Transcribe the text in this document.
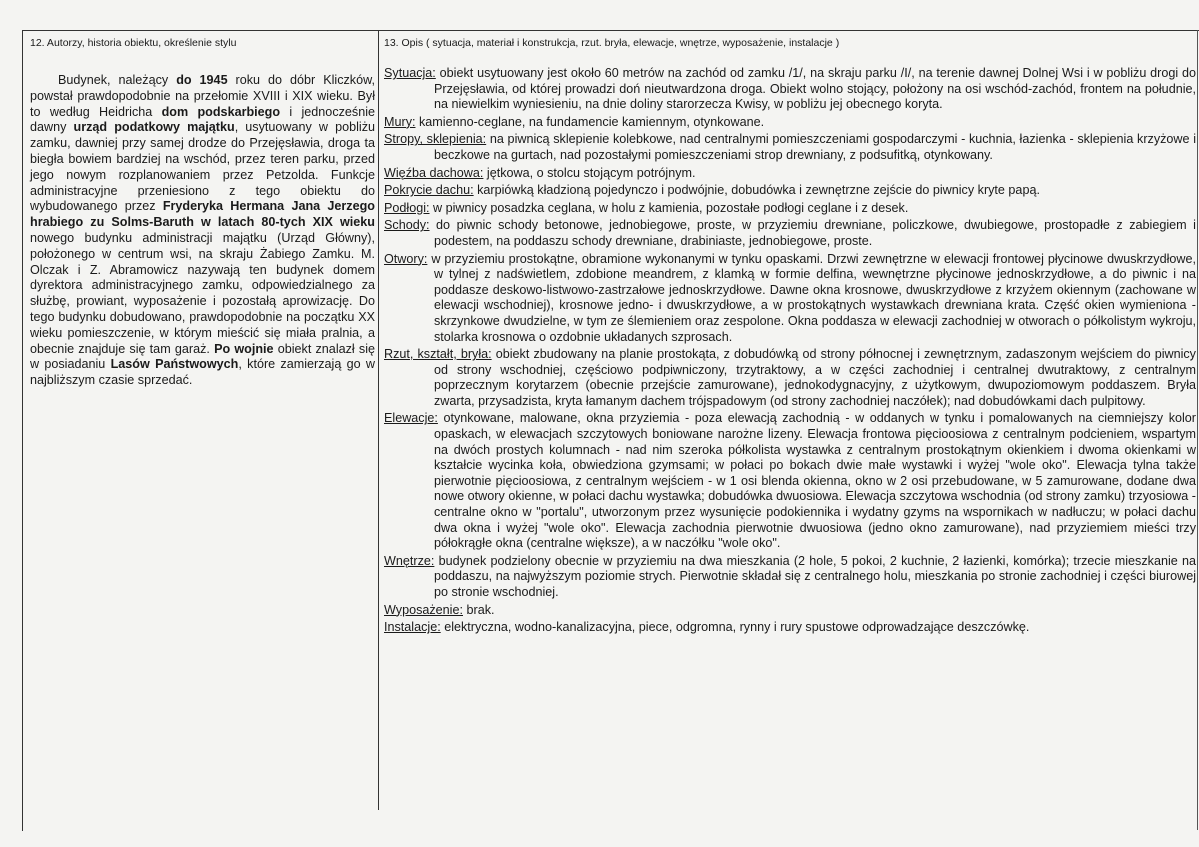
12. Autorzy, historia obiektu, określenie stylu	13. Opis ( sytuacja, materiał i konstrukcja, rzut. bryła, elewacje, wnętrze, wyposażenie, instalacje )

Budynek, należący do 1945 roku do dóbr Kliczków, powstał prawdopodobnie na przełomie XVIII i XIX wieku. Był to według Heidricha dom podskarbiego i jednocześnie dawny urząd podatkowy majątku, usytuowany w pobliżu zamku, dawniej przy samej drodze do Przejęsławia, droga ta biegła bowiem bardziej na wschód, przez teren parku, przed jego nowym rozplanowaniem przez Petzolda. Funkcje administracyjne przeniesiono z tego obiektu do wybudowanego przez Fryderyka Hermana Jana Jerzego hrabiego zu Solms-Baruth w latach 80-tych XIX wieku nowego budynku administracji majątku (Urząd Główny), położonego w centrum wsi, na skraju Żabiego Zamku. M. Olczak i Z. Abramowicz nazywają ten budynek domem dyrektora administracyjnego zamku, odpowiedzialnego za służbę, prowiant, wyposażenie i pozostałą aprowizację. Do tego budynku dobudowano, prawdopodobnie na początku XX wieku pomieszczenie, w którym mieścić się miała pralnia, a obecnie znajduje się tam garaż. Po wojnie obiekt znalazł się w posiadaniu Lasów Państwowych, które zamierzają go w najbliższym czasie sprzedać.

Sytuacja: obiekt usytuowany jest około 60 metrów na zachód od zamku /1/, na skraju parku /I/, na terenie dawnej Dolnej Wsi i w pobliżu drogi do Przejęsławia, od której prowadzi doń nieutwardzona droga. Obiekt wolno stojący, położony na osi wschód-zachód, frontem na południe, na niewielkim wyniesieniu, na dnie doliny starorzecza Kwisy, w pobliżu jej obecnego koryta.

Mury: kamienno-ceglane, na fundamencie kamiennym, otynkowane.

Stropy, sklepienia: na piwnicą sklepienie kolebkowe, nad centralnymi pomieszczeniami gospodarczymi - kuchnia, łazienka - sklepienia krzyżowe i beczkowe na gurtach, nad pozostałymi pomieszczeniami strop drewniany, z podsufitką, otynkowany.

Więźba dachowa: jętkowa, o stolcu stojącym potrójnym.

Pokrycie dachu: karpiówką kładzioną pojedynczo i podwójnie, dobudówka i zewnętrzne zejście do piwnicy kryte papą.

Podłogi: w piwnicy posadzka ceglana, w holu z kamienia, pozostałe podłogi ceglane i z desek.

Schody: do piwnic schody betonowe, jednobiegowe, proste, w przyziemiu drewniane, policzkowe, dwubiegowe, prostopadłe z zabiegiem i podestem, na poddaszu schody drewniane, drabiniaste, jednobiegowe, proste.

Otwory: w przyziemiu prostokątne, obramione wykonanymi w tynku opaskami. Drzwi zewnętrzne w elewacji frontowej płycinowe dwuskrzydłowe, w tylnej z nadświetlem, zdobione meandrem, z klamką w formie delfina, wewnętrzne płycinowe jednoskrzydłowe, a do piwnic i na poddasze deskowo-listwowo-zastrzałowe jednoskrzydłowe. Dawne okna krosnowe, dwuskrzydłowe z krzyżem okiennym (zachowane w elewacji wschodniej), krosnowe jedno- i dwuskrzydłowe, a w prostokątnych wystawkach drewniana krata. Część okien wymieniona - skrzynkowe dwudzielne, w tym ze ślemieniem oraz zespolone. Okna poddasza w elewacji zachodniej w otworach o półkolistym wykroju, stolarka krosnowa o ozdobnie układanych szprosach.

Rzut, kształt, bryła: obiekt zbudowany na planie prostokąta, z dobudówką od strony północnej i zewnętrznym, zadaszonym wejściem do piwnicy od strony wschodniej, częściowo podpiwniczony, trzytraktowy, a w części zachodniej i centralnej dwutraktowy, z centralnym poprzecznym korytarzem (obecnie przejście zamurowane), jednokodygnacyjny, z użytkowym, dwupoziomowym poddaszem. Bryła zwarta, przysadzista, kryta łamanym dachem trójspadowym (od strony zachodniej naczółek); nad dobudówkami dach pulpitowy.

Elewacje: otynkowane, malowane, okna przyziemia - poza elewacją zachodnią - w oddanych w tynku i pomalowanych na ciemniejszy kolor opaskach, w elewacjach szczytowych boniowane narożne lizeny. Elewacja frontowa pięcioosiowa z centralnym podcieniem, wspartym na dwóch prostych kolumnach - nad nim szeroka półkolista wystawka z centralnym prostokątnym okienkiem i dwoma okienkami w kształcie wycinka koła, obwiedziona gzymsami; w połaci po bokach dwie małe wystawki i wyżej "wole oko". Elewacja tylna także pierwotnie pięcioosiowa, z centralnym wejściem - w 1 osi blenda okienna, okno w 2 osi przebudowane, w 5 zamurowane, dodane dwa nowe otwory okienne, w połaci dachu wystawka; dobudówka dwuosiowa. Elewacja szczytowa wschodnia (od strony zamku) trzyosiowa - centralne okno w "portalu", utworzonym przez wysunięcie podokiennika i wydatny gzyms na wspornikach w nadłuczu; w połaci dachu dwa okna i wyżej "wole oko". Elewacja zachodnia pierwotnie dwuosiowa (jedno okno zamurowane), nad przyziemiem mieści trzy półokrągłe okna (centralne większe), a w naczółku "wole oko".

Wnętrze: budynek podzielony obecnie w przyziemiu na dwa mieszkania (2 hole, 5 pokoi, 2 kuchnie, 2 łazienki, komórka); trzecie mieszkanie na poddaszu, na najwyższym poziomie strych. Pierwotnie składał się z centralnego holu, mieszkania po stronie zachodniej i części biurowej po stronie wschodniej.

Wyposażenie: brak.

Instalacje: elektryczna, wodno-kanalizacyjna, piece, odgromna, rynny i rury spustowe odprowadzające deszczówkę.
